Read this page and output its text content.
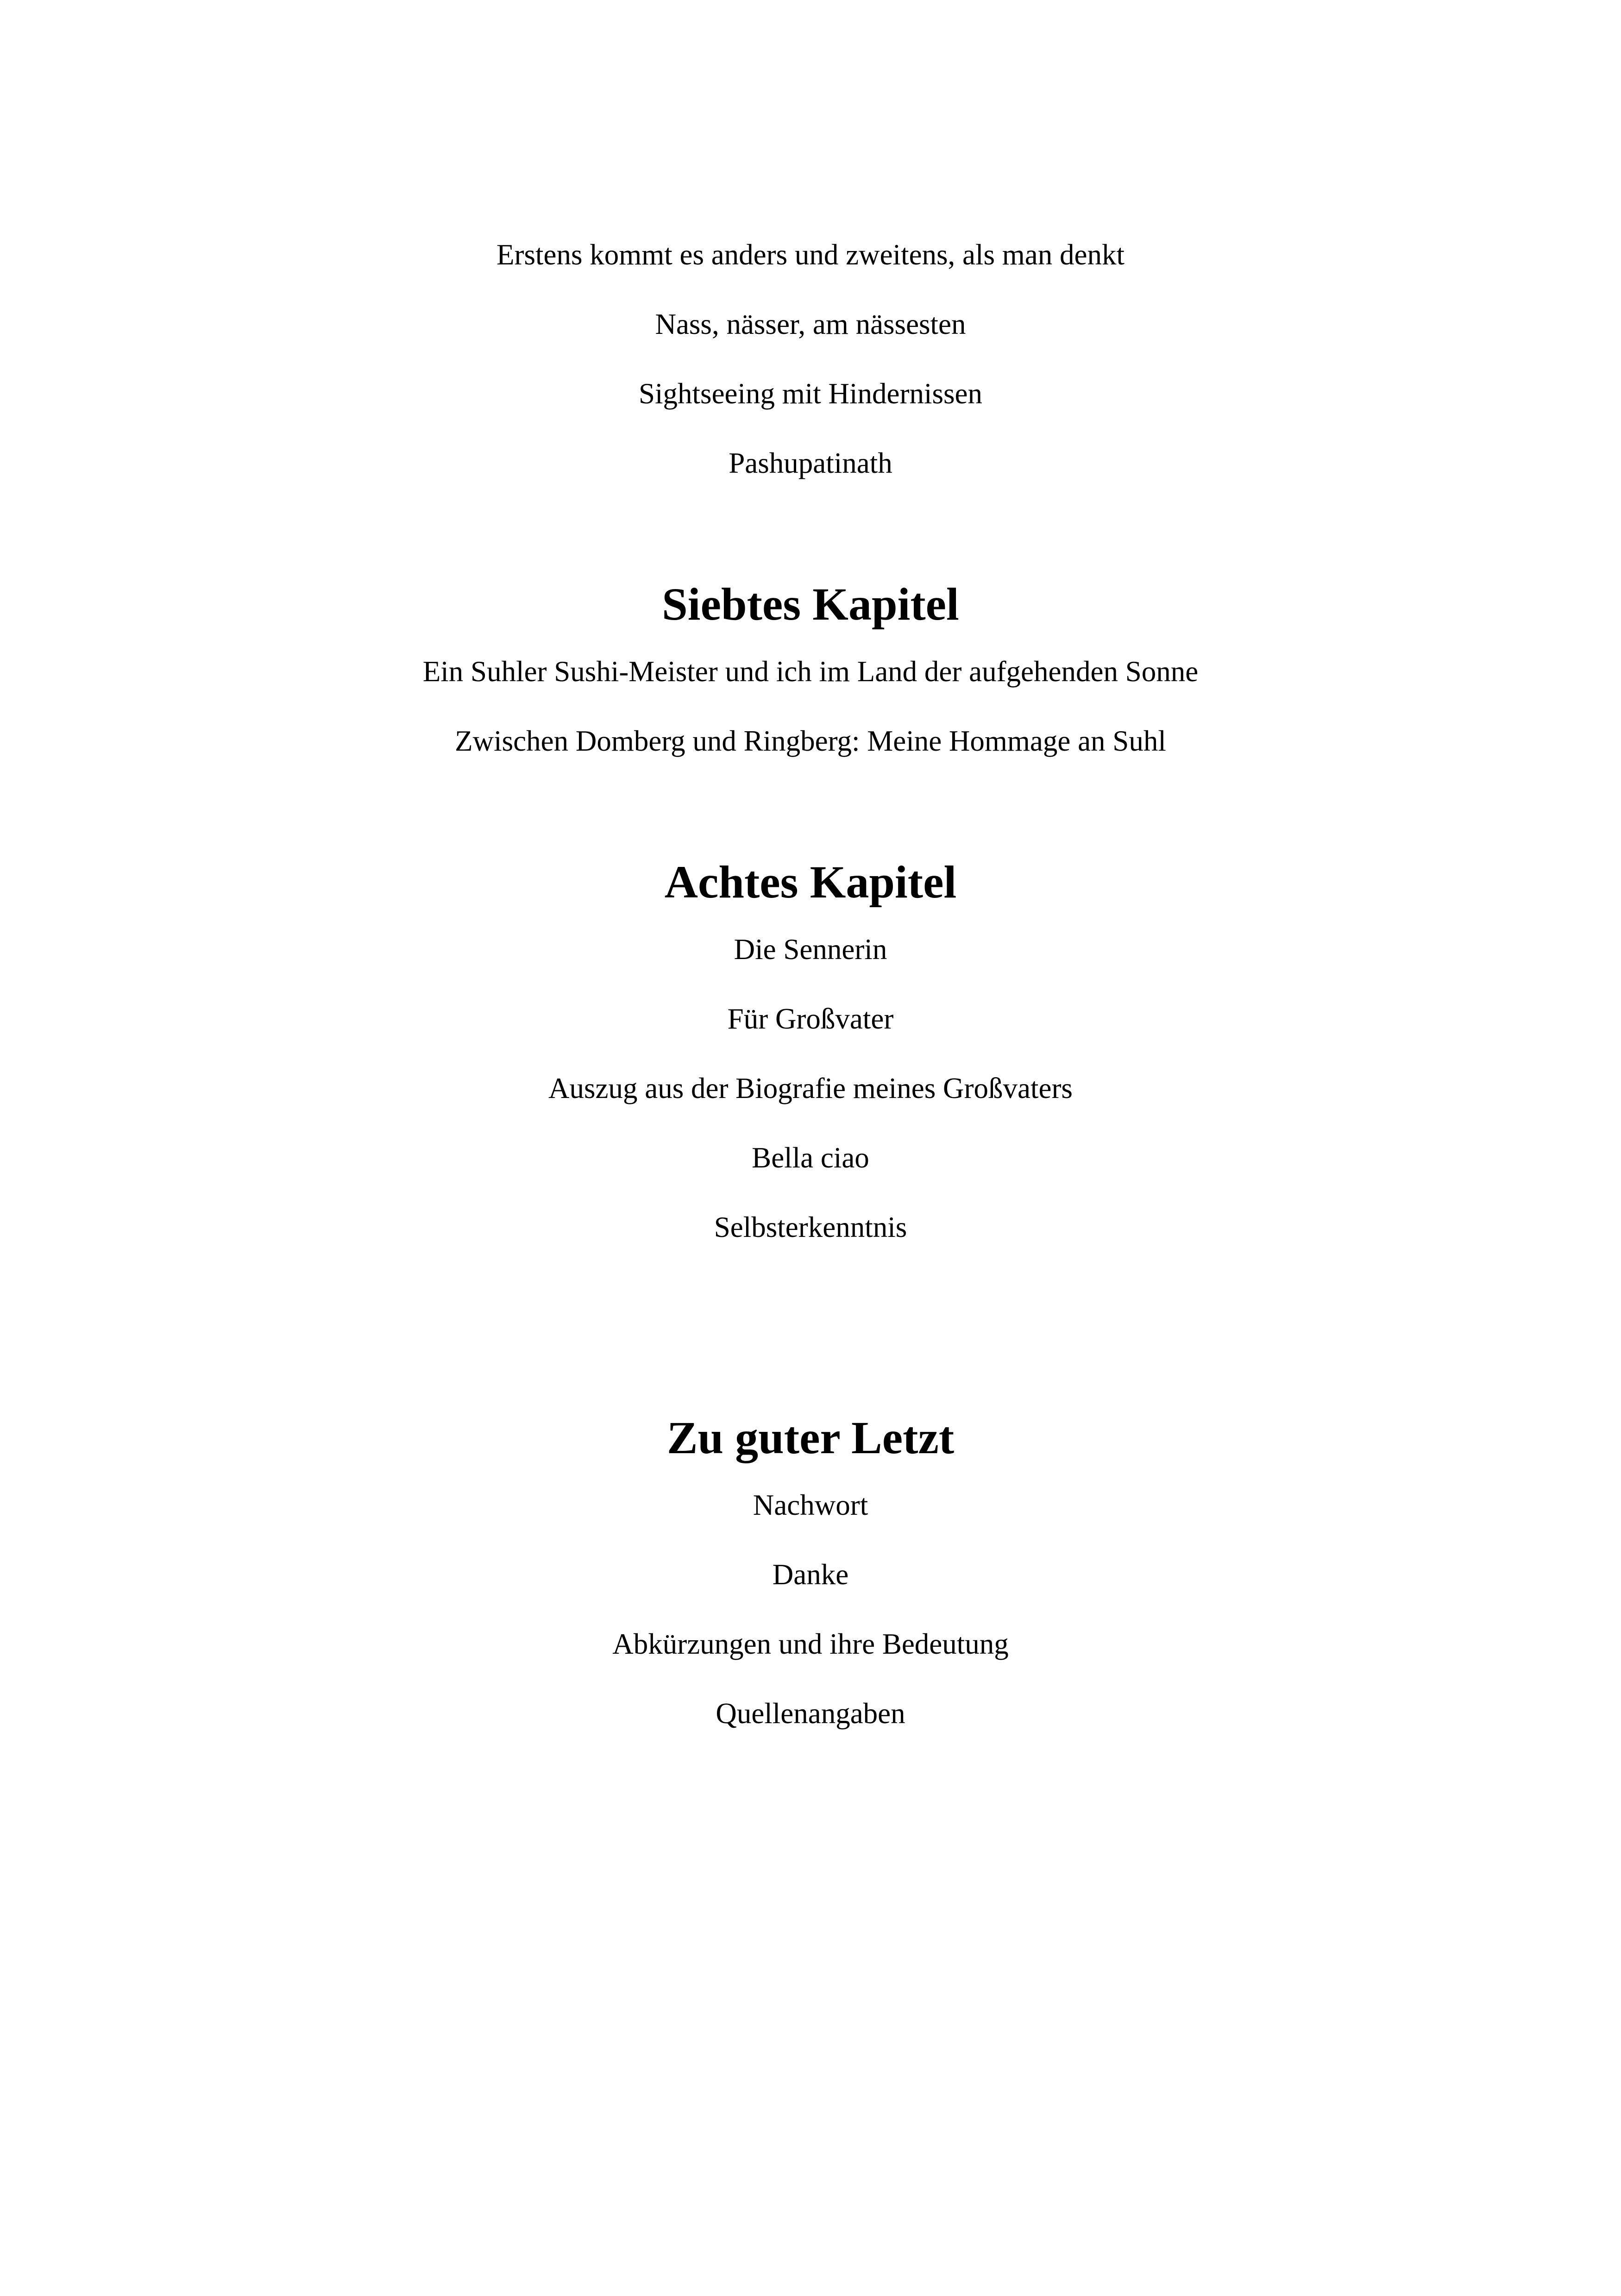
Erstens kommt es anders und zweitens, als man denkt
Nass, nässer, am nässesten
Sightseeing mit Hindernissen
Pashupatinath
Siebtes Kapitel
Ein Suhler Sushi-Meister und ich im Land der aufgehenden Sonne
Zwischen Domberg und Ringberg: Meine Hommage an Suhl
Achtes Kapitel
Die Sennerin
Für Großvater
Auszug aus der Biografie meines Großvaters
Bella ciao
Selbsterkenntnis
Zu guter Letzt
Nachwort
Danke
Abkürzungen und ihre Bedeutung
Quellenangaben
